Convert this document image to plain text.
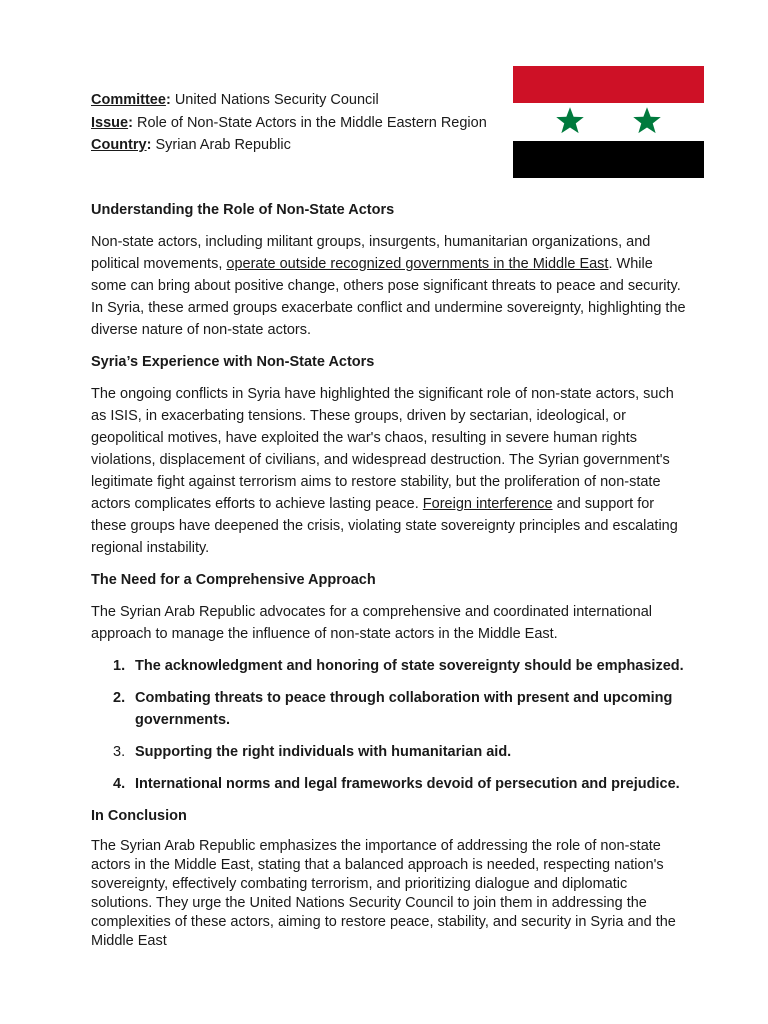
Committee: United Nations Security Council
Issue: Role of Non-State Actors in the Middle Eastern Region
Country: Syrian Arab Republic
Understanding the Role of Non-State Actors

Non-state actors, including militant groups, insurgents, humanitarian organizations, and political movements, operate outside recognized governments in the Middle East. While some can bring about positive change, others pose significant threats to peace and security. In Syria, these armed groups exacerbate conflict and undermine sovereignty, highlighting the diverse nature of non-state actors.

Syria’s Experience with Non-State Actors

The ongoing conflicts in Syria have highlighted the significant role of non-state actors, such as ISIS, in exacerbating tensions. These groups, driven by sectarian, ideological, or geopolitical motives, have exploited the war's chaos, resulting in severe human rights violations, displacement of civilians, and widespread destruction. The Syrian government's legitimate fight against terrorism aims to restore stability, but the proliferation of non-state actors complicates efforts to achieve lasting peace. Foreign interference and support for these groups have deepened the crisis, violating state sovereignty principles and escalating regional instability.

The Need for a Comprehensive Approach

The Syrian Arab Republic advocates for a comprehensive and coordinated international approach to manage the influence of non-state actors in the Middle East.

1. The acknowledgment and honoring of state sovereignty should be emphasized.
2. Combating threats to peace through collaboration with present and upcoming governments.
3. Supporting the right individuals with humanitarian aid.
4. International norms and legal frameworks devoid of persecution and prejudice.
In Conclusion

The Syrian Arab Republic emphasizes the importance of addressing the role of non-state actors in the Middle East, stating that a balanced approach is needed, respecting nation's sovereignty, effectively combating terrorism, and prioritizing dialogue and diplomatic solutions. They urge the United Nations Security Council to join them in addressing the complexities of these actors, aiming to restore peace, stability, and security in Syria and the Middle East
